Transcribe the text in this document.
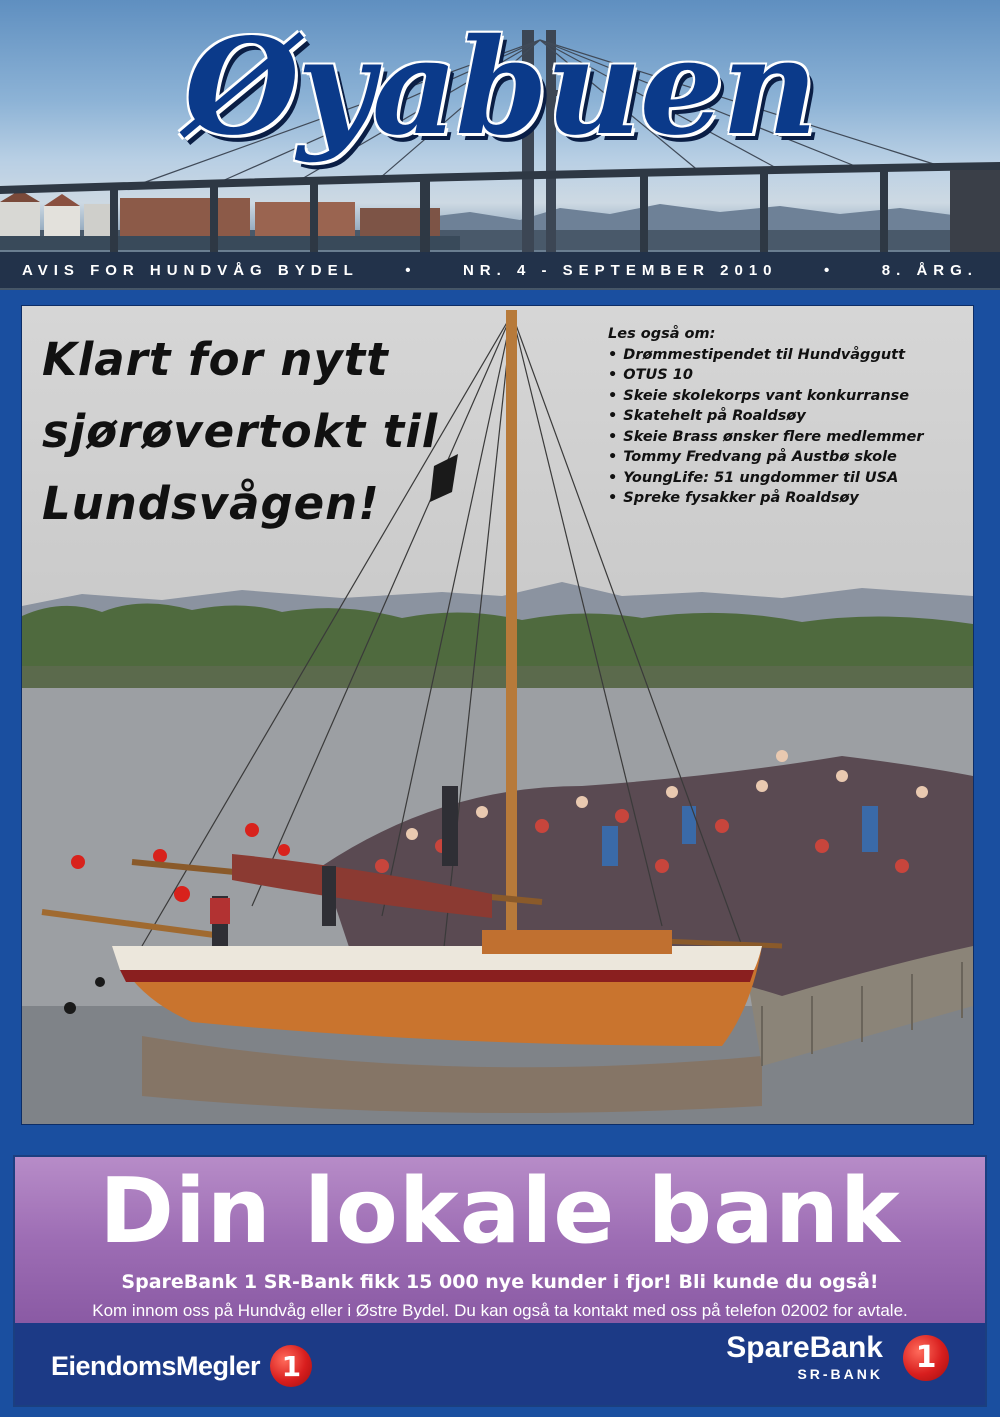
Øyabuen
AVIS FOR HUNDVÅG BYDEL	•	NR. 4 - SEPTEMBER 2010	•	8. ÅRG.
Klart for nytt
sjørøvertokt til
Lundsvågen!
Les også om:
• Drømmestipendet til Hundvåggutt
• OTUS 10
• Skeie skolekorps vant konkurranse
• Skatehelt på Roaldsøy
• Skeie Brass ønsker flere medlemmer
• Tommy Fredvang på Austbø skole
• YoungLife: 51 ungdommer til USA
• Spreke fysakker på Roaldsøy
Din lokale bank
SpareBank 1 SR-Bank fikk 15 000 nye kunder i fjor! Bli kunde du også!
Kom innom oss på Hundvåg eller i Østre Bydel. Du kan også ta kontakt med oss på telefon 02002 for avtale.
EiendomsMegler 1
SpareBank
SR-BANK	1
